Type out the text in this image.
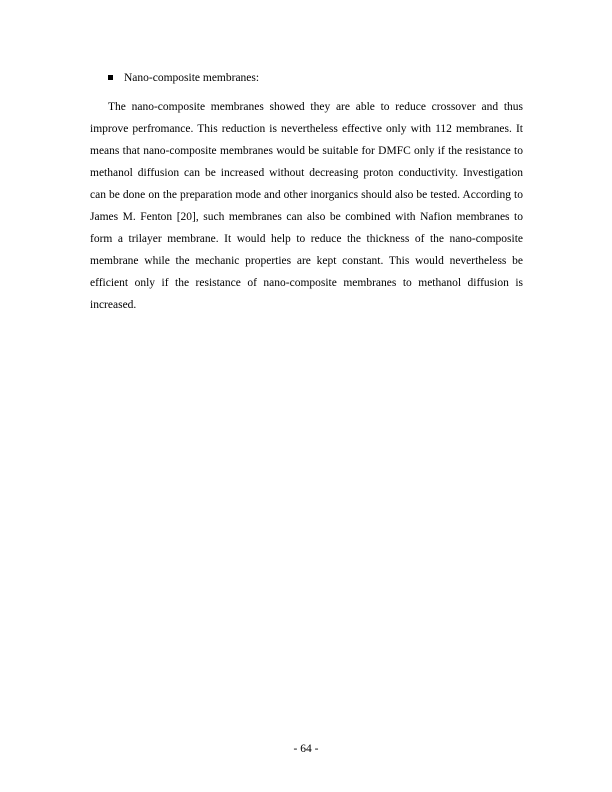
Nano-composite membranes:

The nano-composite membranes showed they are able to reduce crossover and thus improve perfromance. This reduction is nevertheless effective only with 112 membranes. It means that nano-composite membranes would be suitable for DMFC only if the resistance to methanol diffusion can be increased without decreasing proton conductivity. Investigation can be done on the preparation mode and other inorganics should also be tested. According to James M. Fenton [20], such membranes can also be combined with Nafion membranes to form a trilayer membrane. It would help to reduce the thickness of the nano-composite membrane while the mechanic properties are kept constant. This would nevertheless be efficient only if the resistance of nano-composite membranes to methanol diffusion is increased.

- 64 -
